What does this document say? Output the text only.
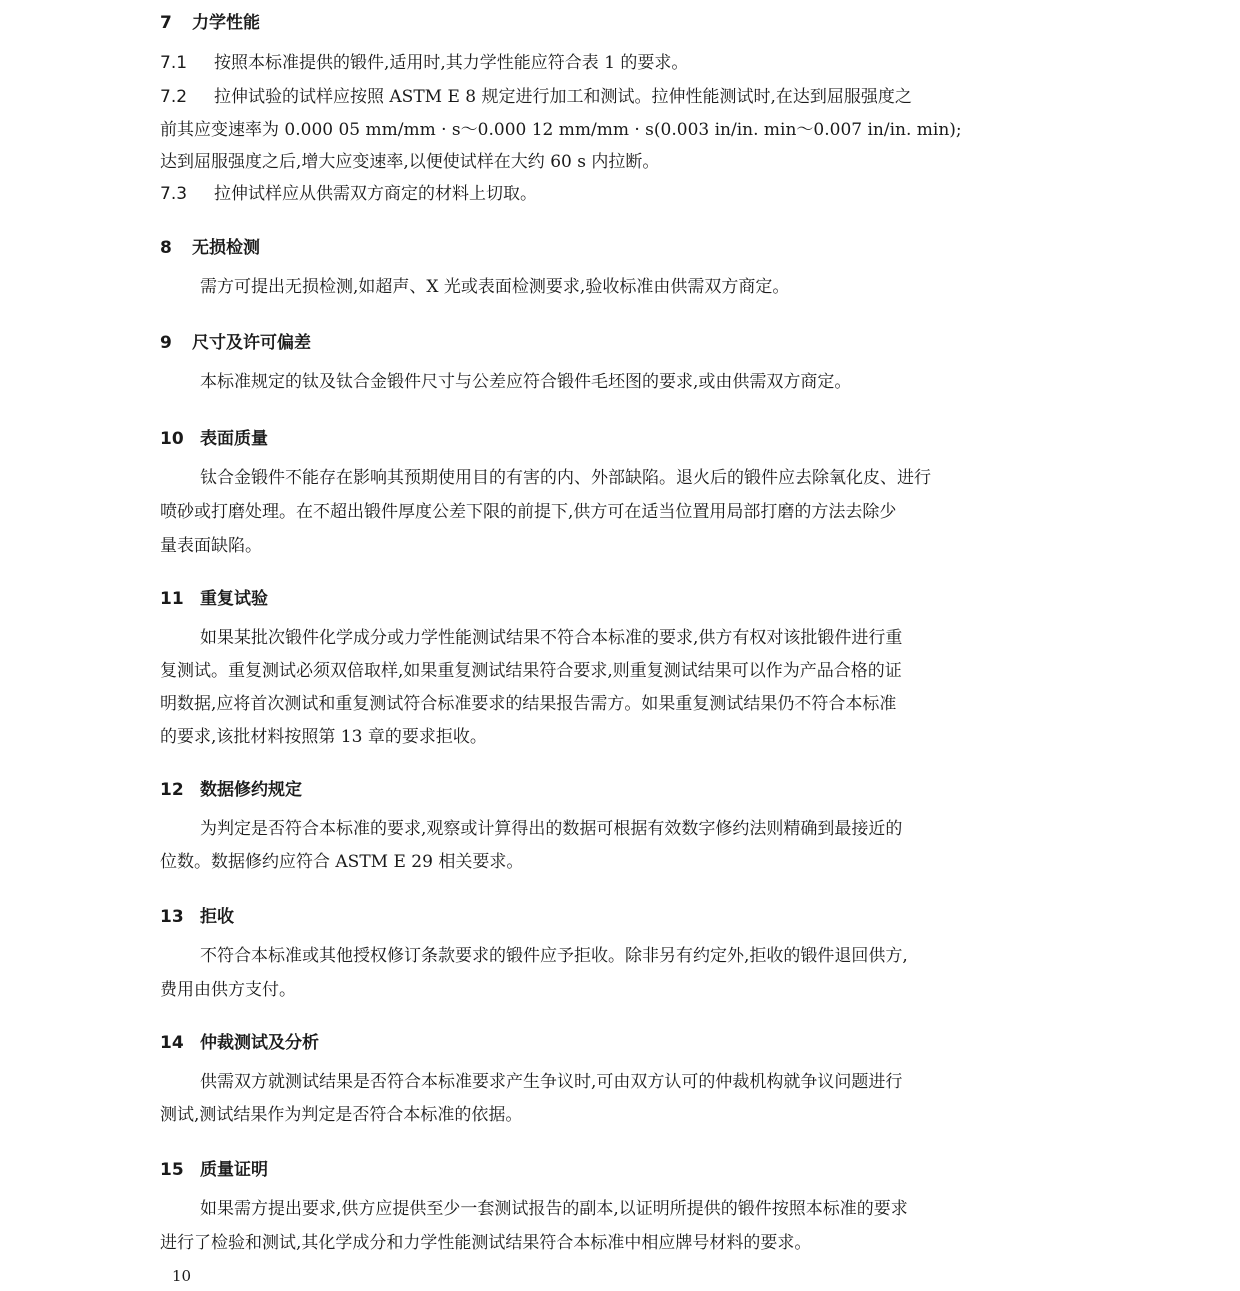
7 力学性能

7.1 按照本标准提供的锻件,适用时,其力学性能应符合表 1 的要求。

7.2 拉伸试验的试样应按照 ASTM E 8 规定进行加工和测试。拉伸性能测试时,在达到屈服强度之

前其应变速率为 0.000 05 mm/mm · s～0.000 12 mm/mm · s(0.003 in/in. min～0.007 in/in. min);

达到屈服强度之后,增大应变速率,以便使试样在大约 60 s 内拉断。

7.3 拉伸试样应从供需双方商定的材料上切取。

8 无损检测

需方可提出无损检测,如超声、X 光或表面检测要求,验收标准由供需双方商定。

9 尺寸及许可偏差

本标准规定的钛及钛合金锻件尺寸与公差应符合锻件毛坯图的要求,或由供需双方商定。

10 表面质量

钛合金锻件不能存在影响其预期使用目的有害的内、外部缺陷。退火后的锻件应去除氧化皮、进行

喷砂或打磨处理。在不超出锻件厚度公差下限的前提下,供方可在适当位置用局部打磨的方法去除少

量表面缺陷。

11 重复试验

如果某批次锻件化学成分或力学性能测试结果不符合本标准的要求,供方有权对该批锻件进行重

复测试。重复测试必须双倍取样,如果重复测试结果符合要求,则重复测试结果可以作为产品合格的证

明数据,应将首次测试和重复测试符合标准要求的结果报告需方。如果重复测试结果仍不符合本标准

的要求,该批材料按照第 13 章的要求拒收。

12 数据修约规定

为判定是否符合本标准的要求,观察或计算得出的数据可根据有效数字修约法则精确到最接近的

位数。数据修约应符合 ASTM E 29 相关要求。

13 拒收

不符合本标准或其他授权修订条款要求的锻件应予拒收。除非另有约定外,拒收的锻件退回供方,

费用由供方支付。

14 仲裁测试及分析

供需双方就测试结果是否符合本标准要求产生争议时,可由双方认可的仲裁机构就争议问题进行

测试,测试结果作为判定是否符合本标准的依据。

15 质量证明

如果需方提出要求,供方应提供至少一套测试报告的副本,以证明所提供的锻件按照本标准的要求

进行了检验和测试,其化学成分和力学性能测试结果符合本标准中相应牌号材料的要求。

10
